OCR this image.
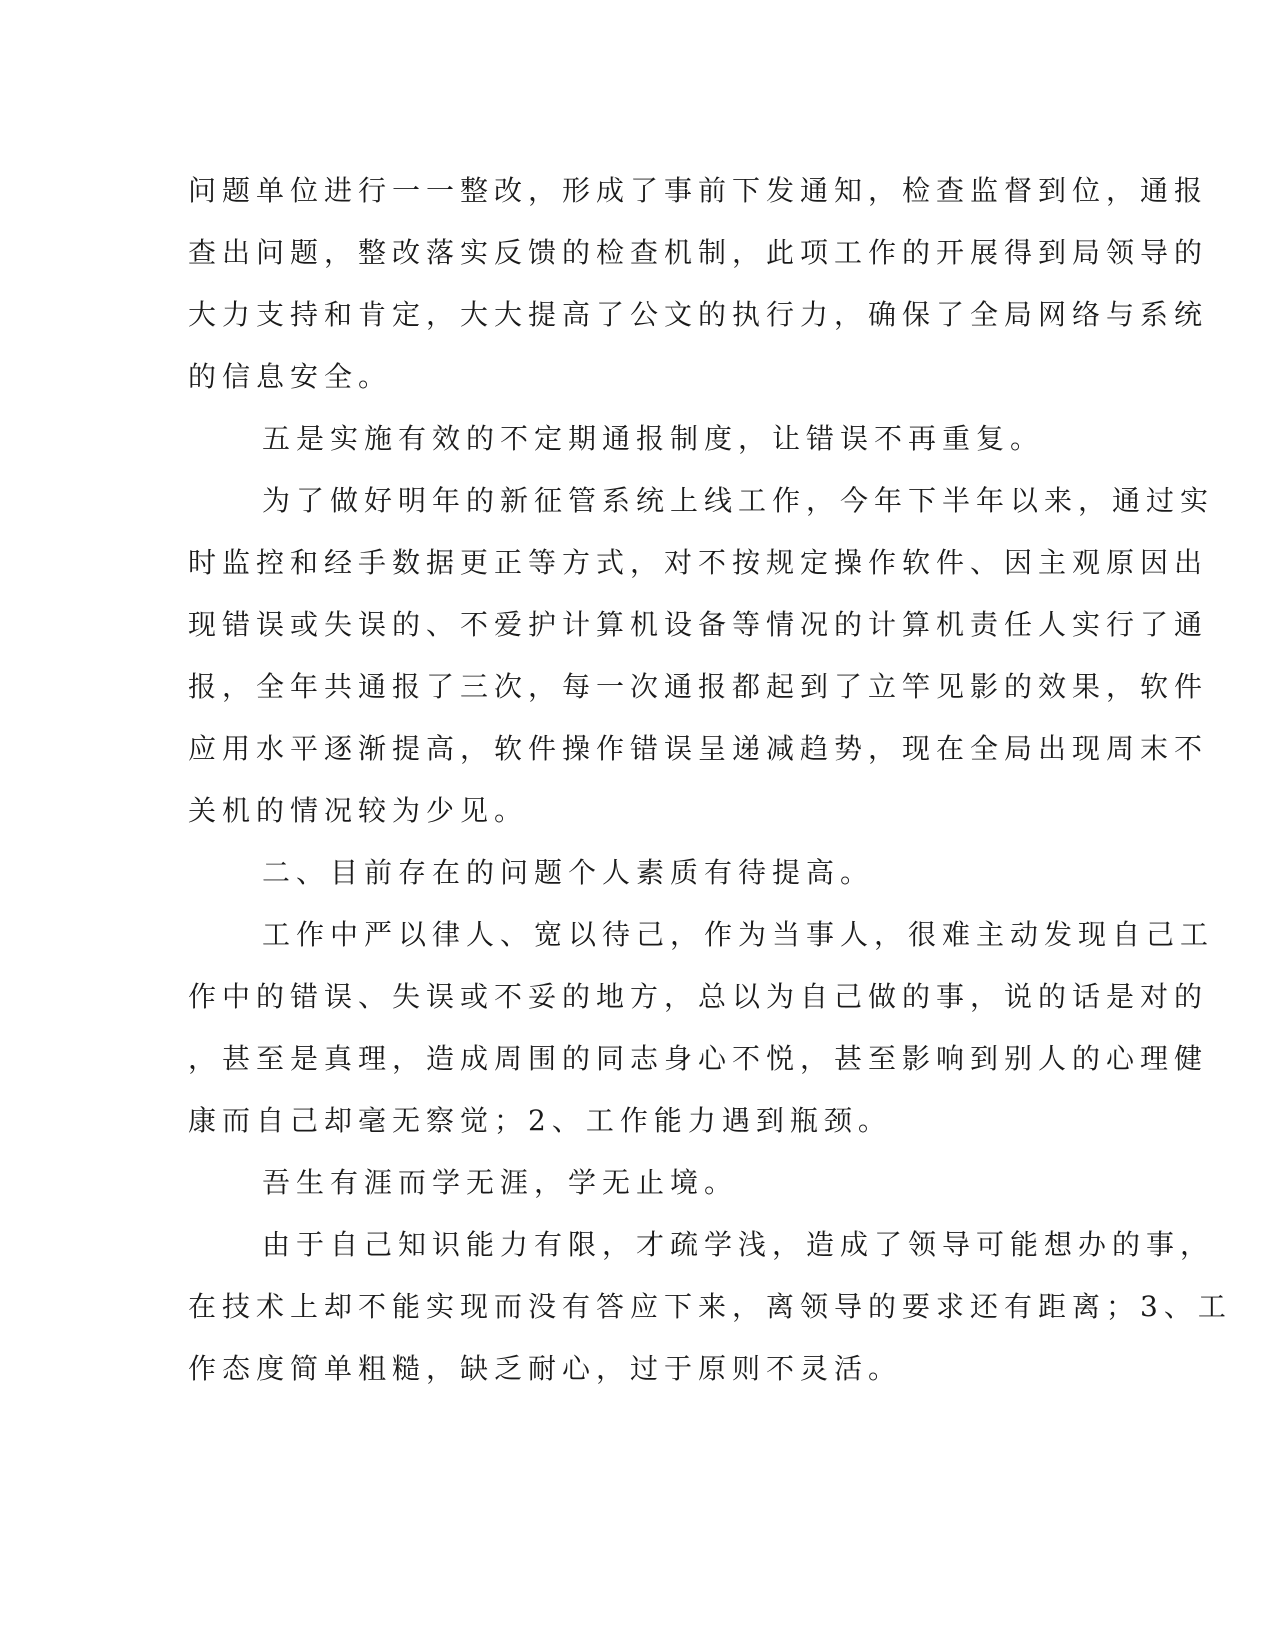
问题单位进行一一整改，形成了事前下发通知，检查监督到位，通报
查出问题，整改落实反馈的检查机制，此项工作的开展得到局领导的
大力支持和肯定，大大提高了公文的执行力，确保了全局网络与系统
的信息安全。
五是实施有效的不定期通报制度，让错误不再重复。
为了做好明年的新征管系统上线工作，今年下半年以来，通过实
时监控和经手数据更正等方式，对不按规定操作软件、因主观原因出
现错误或失误的、不爱护计算机设备等情况的计算机责任人实行了通
报，全年共通报了三次，每一次通报都起到了立竿见影的效果，软件
应用水平逐渐提高，软件操作错误呈递减趋势，现在全局出现周末不
关机的情况较为少见。
二、目前存在的问题个人素质有待提高。
工作中严以律人、宽以待己，作为当事人，很难主动发现自己工
作中的错误、失误或不妥的地方，总以为自己做的事，说的话是对的
，甚至是真理，造成周围的同志身心不悦，甚至影响到别人的心理健
康而自己却毫无察觉；2、工作能力遇到瓶颈。
吾生有涯而学无涯，学无止境。
由于自己知识能力有限，才疏学浅，造成了领导可能想办的事，
在技术上却不能实现而没有答应下来，离领导的要求还有距离；3、工
作态度简单粗糙，缺乏耐心，过于原则不灵活。
